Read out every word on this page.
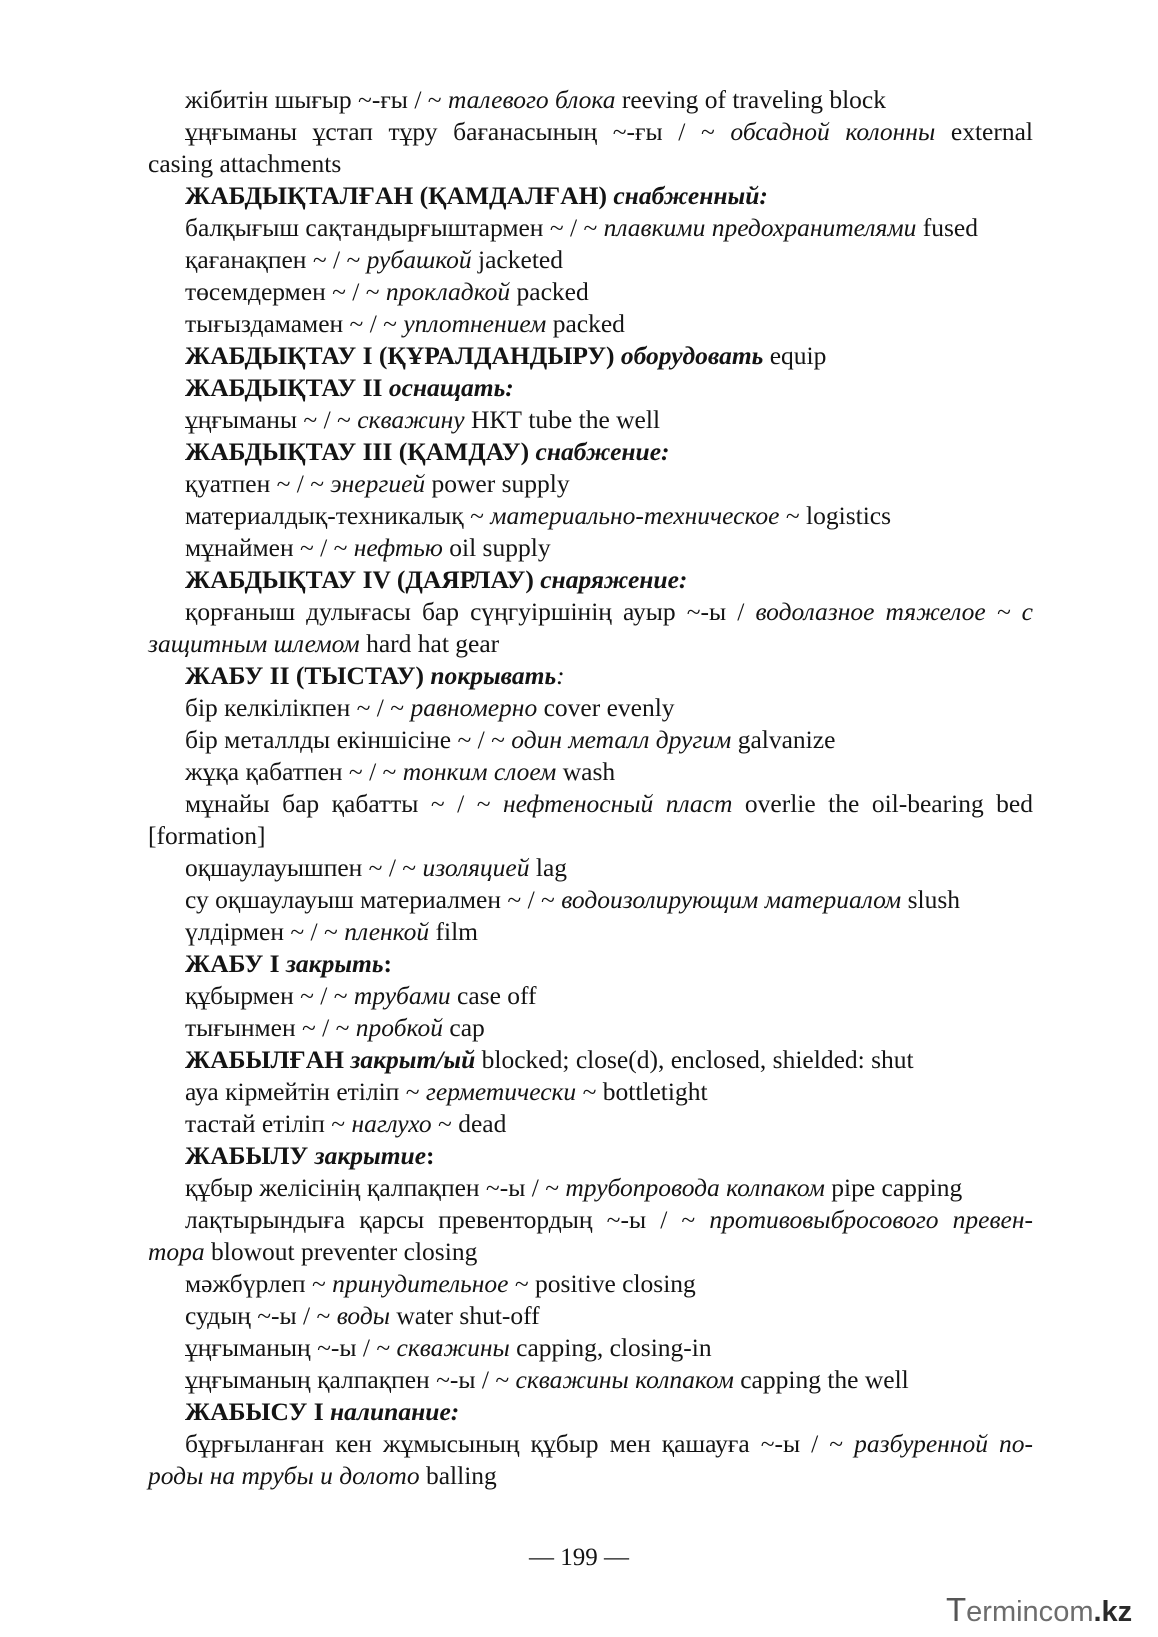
жібитін шығыр ~-ғы / ~ талевого блока reeving of traveling block
ұңғыманы ұстап тұру бағанасының ~-ғы / ~ обсадной колонны external
casing attachments
ЖАБДЫҚТАЛҒАН (ҚАМДАЛҒАН) снабженный:
балқығыш сақтандырғыштармен ~ / ~ плавкими предохранителями fused
қағанақпен ~ / ~ рубашкой jacketed
төсемдермен ~ / ~ прокладкой packed
тығыздамамен ~ / ~ уплотнением packed
ЖАБДЫҚТАУ I (ҚҰРАЛДАНДЫРУ) оборудовать equip
ЖАБДЫҚТАУ II оснащать:
ұңғыманы ~ / ~ скважину НКТ tube the well
ЖАБДЫҚТАУ III (ҚАМДАУ) снабжение:
қуатпен ~ / ~ энергией power supply
материалдық-техникалық ~ материально-техническое ~ logistics
мұнаймен ~ / ~ нефтью oil supply
ЖАБДЫҚТАУ IV (ДАЯРЛАУ) снаряжение:
қорғаныш дулығасы бар сүңгуіршінің ауыр ~-ы / водолазное тяжелое ~ с
защитным шлемом hard hat gear
ЖАБУ II (ТЫСТАУ) покрывать:
бір келкілікпен ~ / ~ равномерно cover evenly
бір металлды екіншісіне ~ / ~ один металл другим galvanize
жұқа қабатпен ~ / ~ тонким слоем wash
мұнайы бар қабатты ~ / ~ нефтеносный пласт overlie the oil-bearing bed
[formation]
оқшаулауышпен ~ / ~ изоляцией lag
су оқшаулауыш материалмен ~ / ~ водоизолирующим материалом slush
үлдірмен ~ / ~ пленкой film
ЖАБУ I закрыть:
құбырмен ~ / ~ трубами case off
тығынмен ~ / ~ пробкой cap
ЖАБЫЛҒАН закрыт/ый blocked; close(d), enclosed, shielded: shut
ауа кірмейтін етіліп ~ герметически ~ bottletight
тастай етіліп ~ наглухо ~ dead
ЖАБЫЛУ закрытие:
құбыр желісінің қалпақпен ~-ы / ~ трубопровода колпаком pipe capping
лақтырындыға қарсы превентордың ~-ы / ~ противовыбросового превен-
тора blowout preventer closing
мәжбүрлеп ~ принудительное ~ positive closing
судың ~-ы / ~ воды water shut-off
ұңғыманың ~-ы / ~ скважины capping, closing-in
ұңғыманың қалпақпен ~-ы / ~ скважины колпаком capping the well
ЖАБЫСУ I налипание:
бұрғыланған кен жұмысының құбыр мен қашауға ~-ы / ~ разбуренной по-
роды на трубы и долото balling
— 199 —
Termincom.kz
